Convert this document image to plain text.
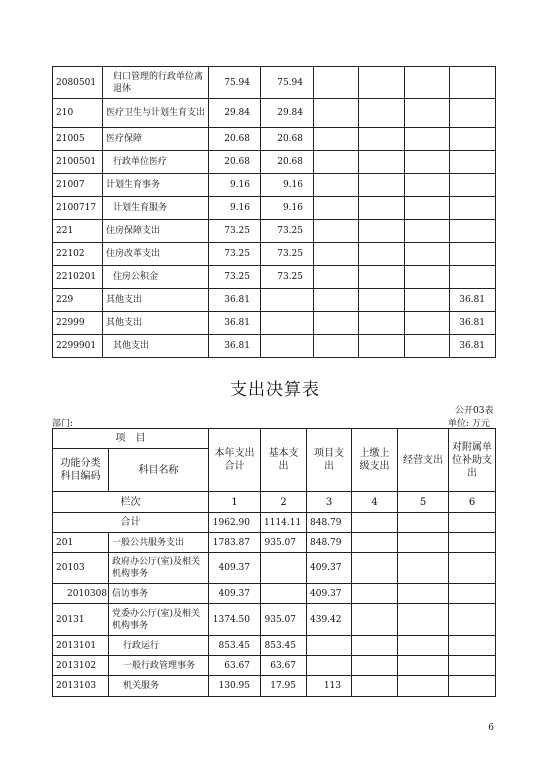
2080501	归口管理的行政单位离退休	75.94	75.94				
210	医疗卫生与计划生育支出	29.84	29.84				
21005	医疗保障	20.68	20.68				
2100501	行政单位医疗	20.68	20.68				
21007	计划生育事务	9.16	9.16				
2100717	计划生育服务	9.16	9.16				
221	住房保障支出	73.25	73.25				
22102	住房改革支出	73.25	73.25				
2210201	住房公积金	73.25	73.25				
229	其他支出	36.81					36.81
22999	其他支出	36.81					36.81
2299901	其他支出	36.81					36.81
支出决算表
公开03表
部门:	单位: 万元
项　目		本年支出合计	基本支出	项目支出	上缴上级支出	经营支出	对附属单位补助支出
功能分类科目编码	科目名称						
栏次		1	2	3	4	5	6
合计		1962.90	1114.11	848.79			
201	一般公共服务支出	1783.87	935.07	848.79			
20103	政府办公厅(室)及相关机构事务	409.37		409.37			
2010308	信访事务	409.37		409.37			
20131	党委办公厅(室)及相关机构事务	1374.50	935.07	439.42			
2013101	行政运行	853.45	853.45				
2013102	一般行政管理事务	63.67	63.67				
2013103	机关服务	130.95	17.95	113			
6
